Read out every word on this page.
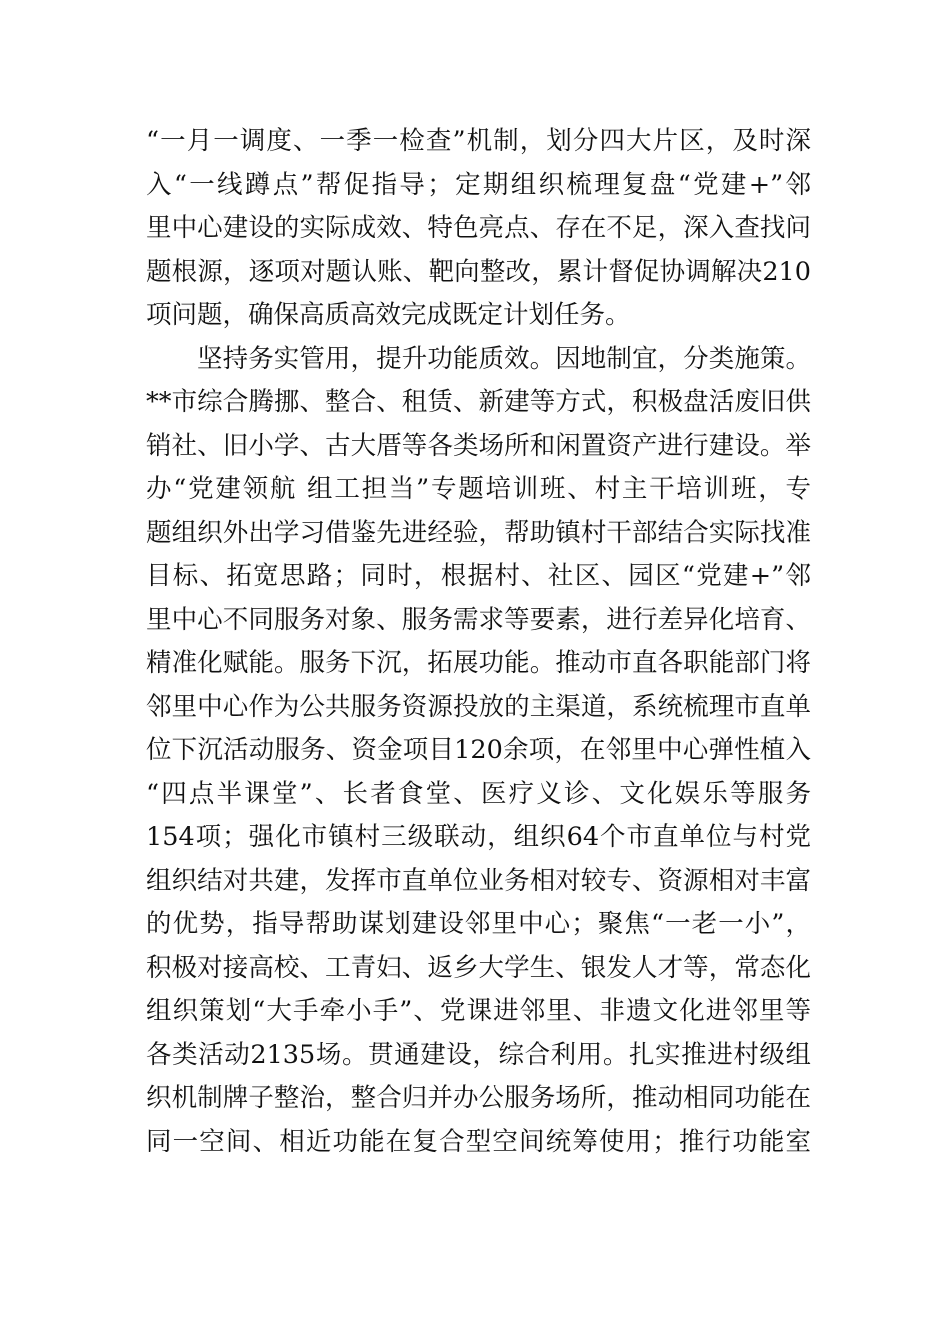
“一月一调度、一季一检查”机制，划分四大片区，及时深
入“一线蹲点”帮促指导；定期组织梳理复盘“党建+”邻
里中心建设的实际成效、特色亮点、存在不足，深入查找问
题根源，逐项对题认账、靶向整改，累计督促协调解决210
项问题，确保高质高效完成既定计划任务。
坚持务实管用，提升功能质效。因地制宜，分类施策。
**市综合腾挪、整合、租赁、新建等方式，积极盘活废旧供
销社、旧小学、古大厝等各类场所和闲置资产进行建设。举
办“党建领航 组工担当”专题培训班、村主干培训班，专
题组织外出学习借鉴先进经验，帮助镇村干部结合实际找准
目标、拓宽思路；同时，根据村、社区、园区“党建+”邻
里中心不同服务对象、服务需求等要素，进行差异化培育、
精准化赋能。服务下沉，拓展功能。推动市直各职能部门将
邻里中心作为公共服务资源投放的主渠道，系统梳理市直单
位下沉活动服务、资金项目120余项，在邻里中心弹性植入
“四点半课堂”、长者食堂、医疗义诊、文化娱乐等服务
154项；强化市镇村三级联动，组织64个市直单位与村党
组织结对共建，发挥市直单位业务相对较专、资源相对丰富
的优势，指导帮助谋划建设邻里中心；聚焦“一老一小”，
积极对接高校、工青妇、返乡大学生、银发人才等，常态化
组织策划“大手牵小手”、党课进邻里、非遗文化进邻里等
各类活动2135场。贯通建设，综合利用。扎实推进村级组
织机制牌子整治，整合归并办公服务场所，推动相同功能在
同一空间、相近功能在复合型空间统筹使用；推行功能室
